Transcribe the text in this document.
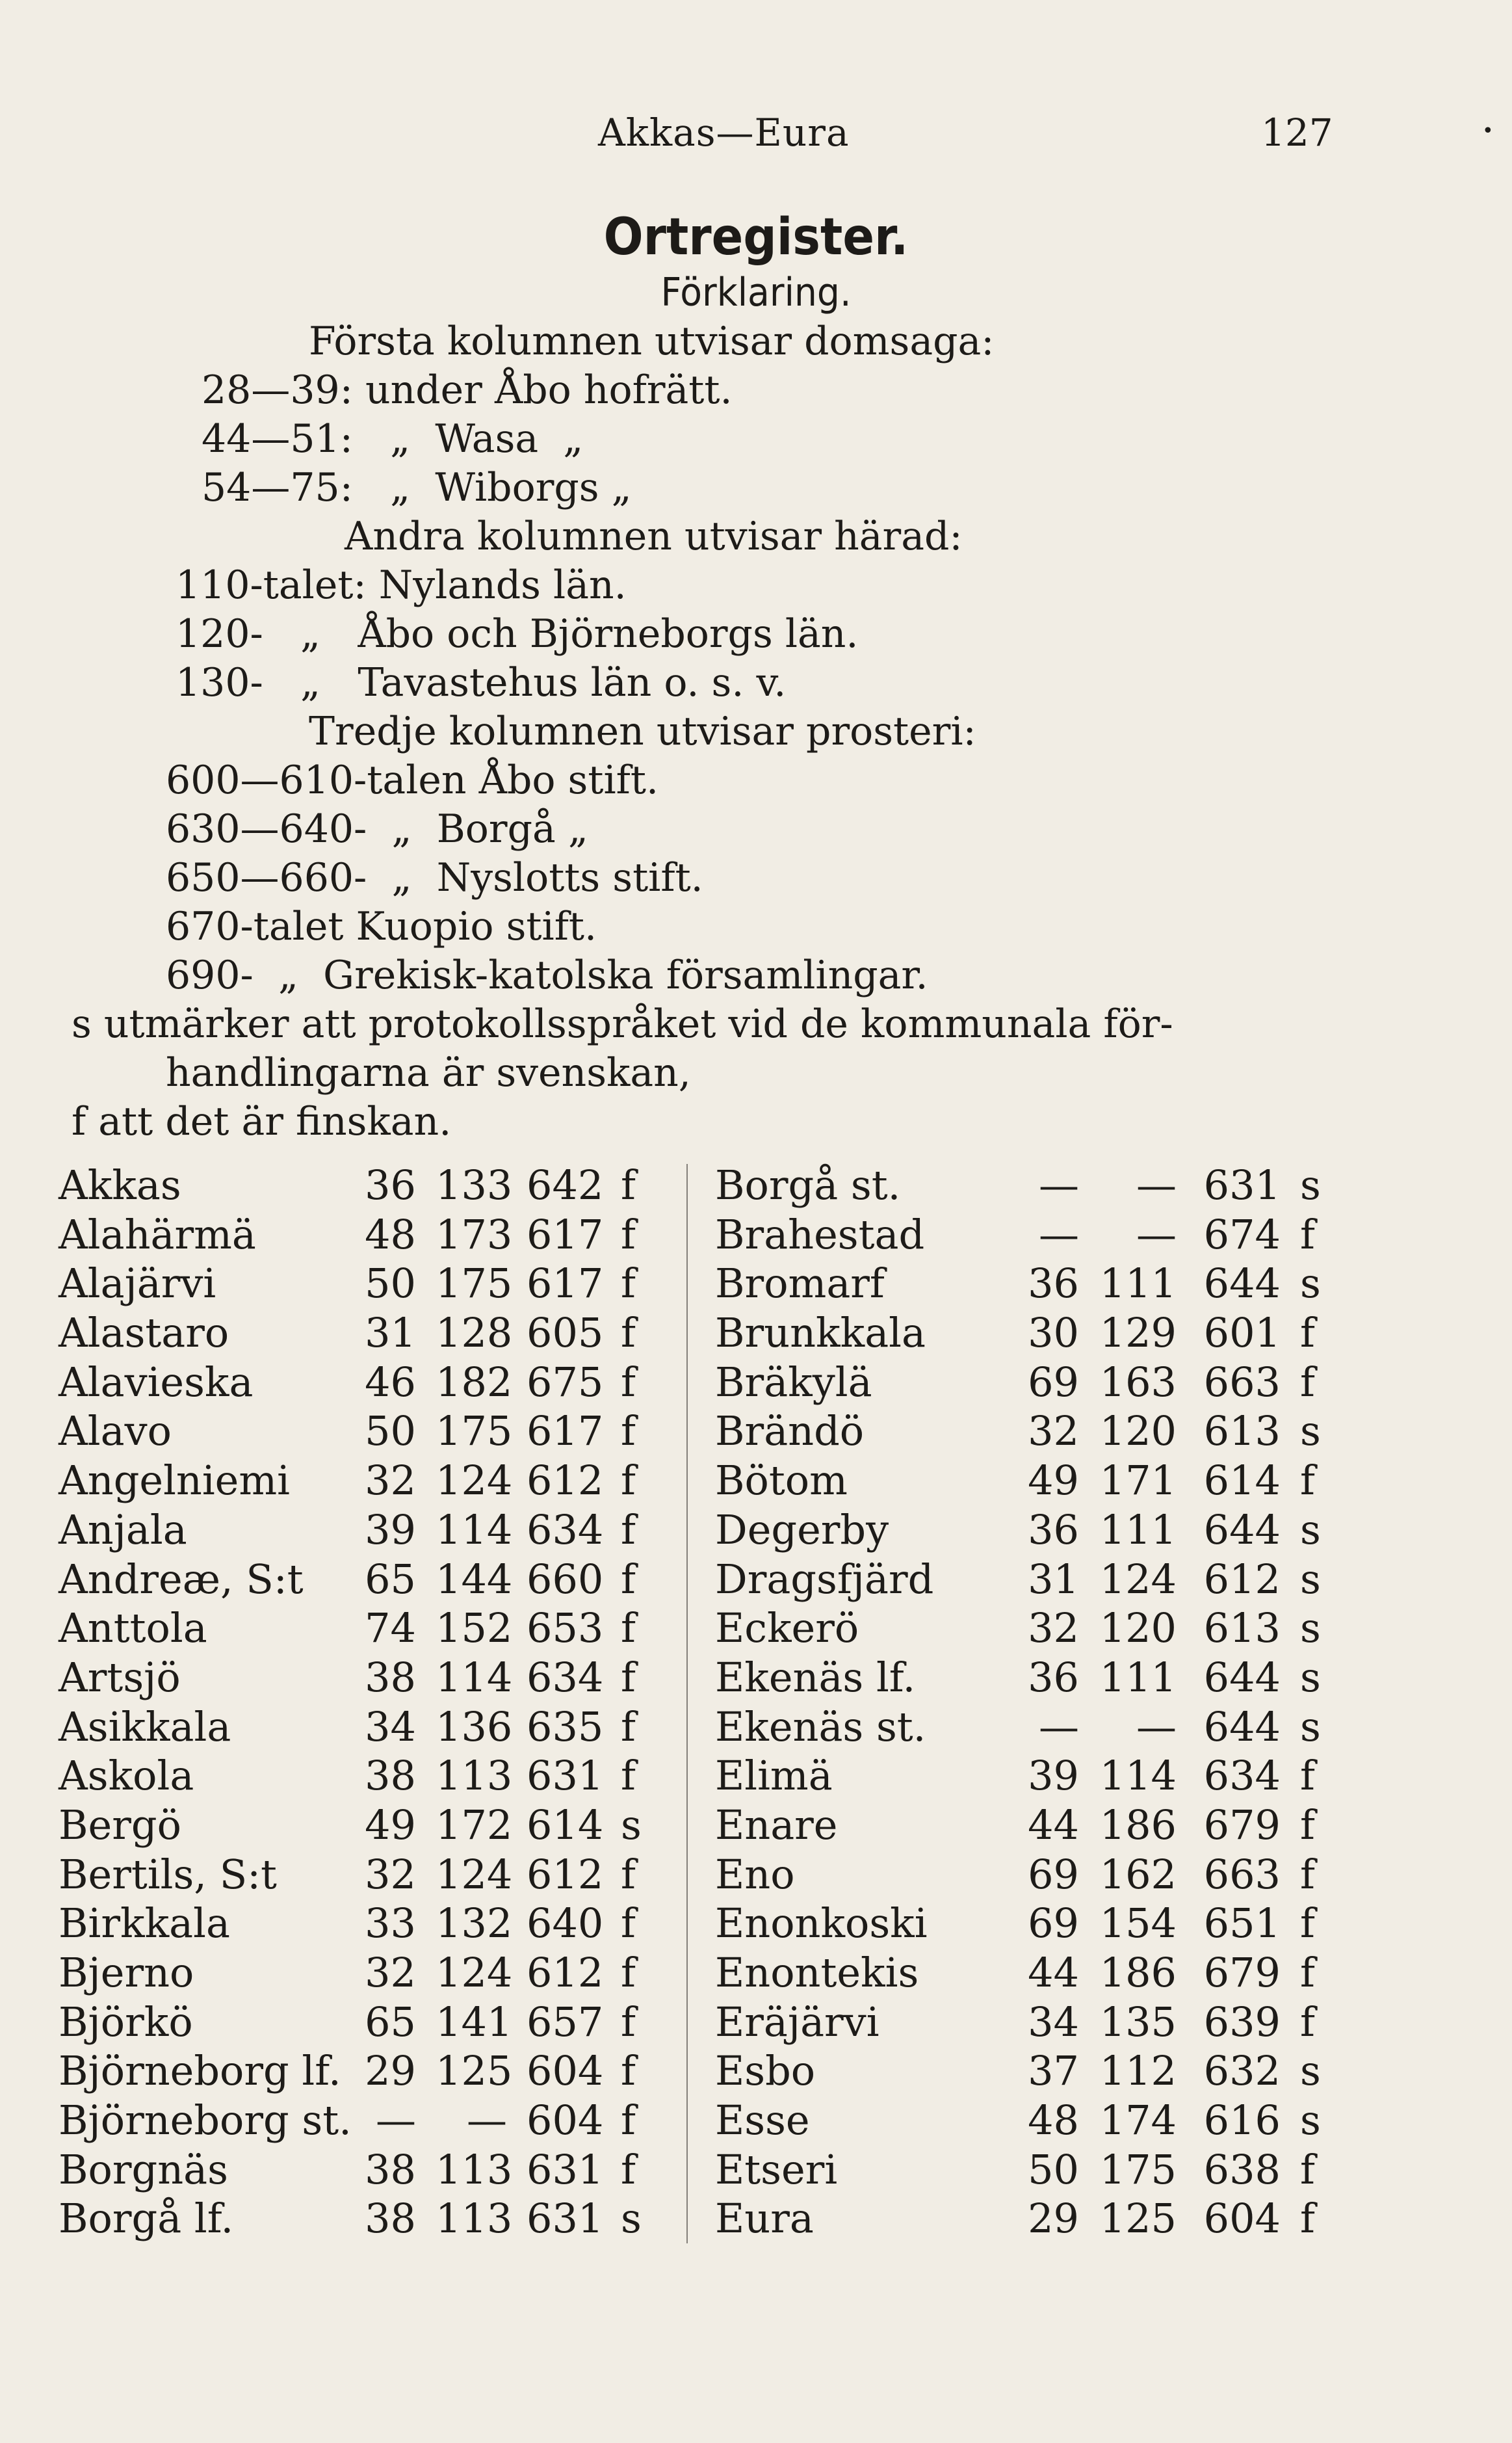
Akkas—Eura	127	•
Ortregister.
Förklaring.
Första kolumnen utvisar domsaga:
28—39: under Åbo hofrätt.
44—51:   „  Wasa  „
54—75:   „  Wiborgs „
Andra kolumnen utvisar härad:
110-talet: Nylands län.
120-   „   Åbo och Björneborgs län.
130-   „   Tavastehus län o. s. v.
Tredje kolumnen utvisar prosteri:
600—610-talen Åbo stift.
630—640-  „  Borgå „
650—660-  „  Nyslotts stift.
670-talet Kuopio stift.
690-  „  Grekisk-katolska församlingar.
s utmärker att protokollsspråket vid de kommunala för-
handlingarna är svenskan,
f att det är finskan.
Akkas	36 133 642 f
Alahärmä	48 173 617 f
Alajärvi	50 175 617 f
Alastaro	31 128 605 f
Alavieska	46 182 675 f
Alavo	50 175 617 f
Angelniemi 32 124 612 f
Anjala	39 114 634 f
Andreæ, S:t 65 144 660 f
Anttola	74 152 653 f
Artsjö	38 114 634 f
Asikkala	34 136 635 f
Askola	38 113 631 f
Bergö	49 172 614 s
Bertils, S:t 32 124 612 f
Birkkala	33 132 640 f
Bjerno	32 124 612 f
Björkö	65 141 657 f
Björneborg lf. 29 125 604 f
Björneborg st. —	— 604 f
Borgnäs	38 113 631 f
Borgå lf.	38 113 631 s
Borgå st.	—	— 631 s
Brahestad	—	— 674 f
Bromarf	36 111 644 s
Brunkkala	30 129 601 f
Bräkylä	69 163 663 f
Brändö	32 120 613 s
Bötom	49 171 614 f
Degerby	36 111 644 s
Dragsfjärd	31 124 612 s
Eckerö	32 120 613 s
Ekenäs lf.	36 111 644 s
Ekenäs st.	—	— 644 s
Elimä	39 114 634 f
Enare	44 186 679 f
Eno	69 162 663 f
Enonkoski	69 154 651 f
Enontekis	44 186 679 f
Eräjärvi	34 135 639 f
Esbo	37 112 632 s
Esse	48 174 616 s
Etseri	50 175 638 f
Eura	29 125 604 f
